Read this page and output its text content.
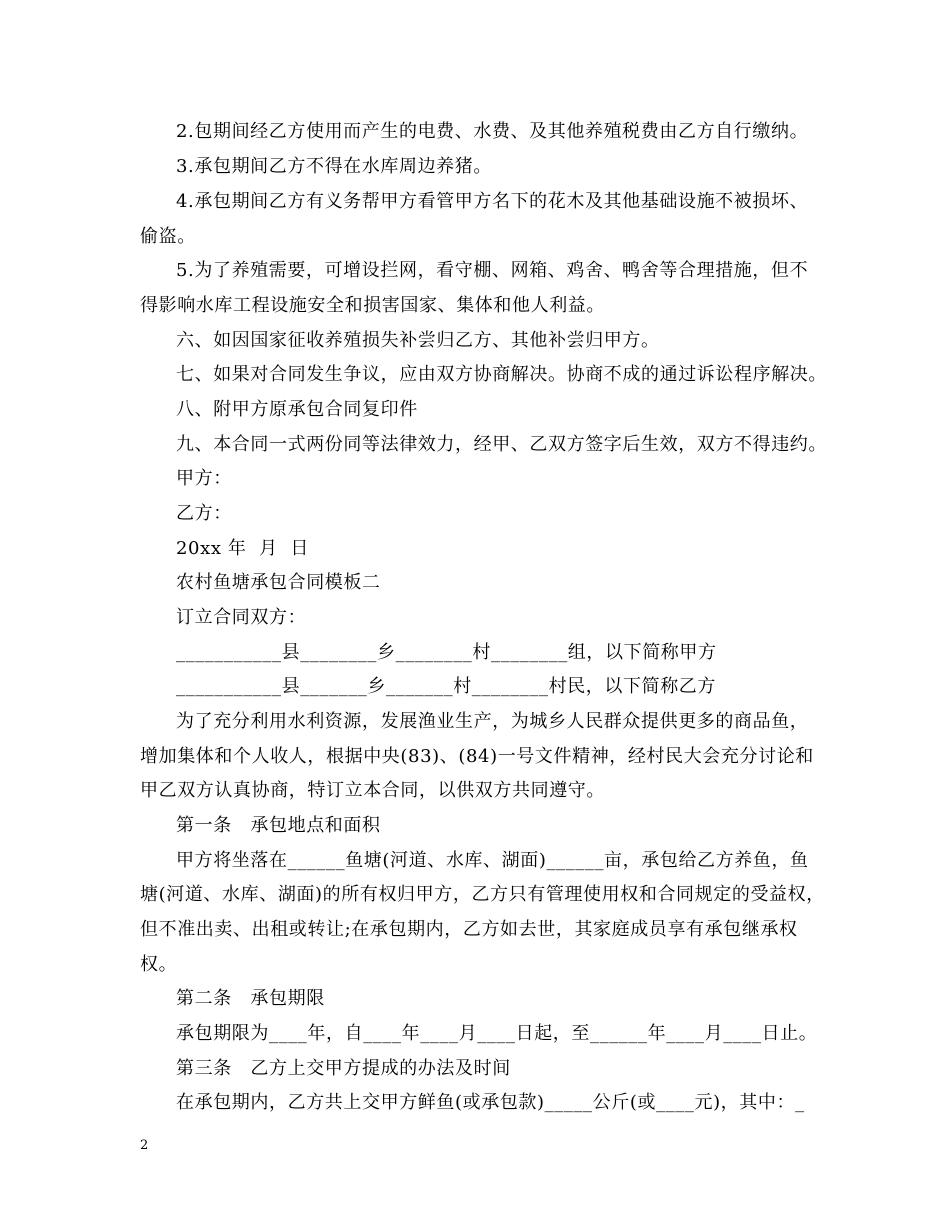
2.包期间经乙方使用而产生的电费、水费、及其他养殖税费由乙方自行缴纳。
3.承包期间乙方不得在水库周边养猪。
4.承包期间乙方有义务帮甲方看管甲方名下的花木及其他基础设施不被损坏、
偷盗。
5.为了养殖需要，可增设拦网，看守棚、网箱、鸡舍、鸭舍等合理措施，但不
得影响水库工程设施安全和损害国家、集体和他人利益。
六、如因国家征收养殖损失补尝归乙方、其他补尝归甲方。
七、如果对合同发生争议，应由双方协商解决。协商不成的通过诉讼程序解决。
八、附甲方原承包合同复印件
九、本合同一式两份同等法律效力，经甲、乙双方签字后生效，双方不得违约。
甲方：
乙方：
20xx 年  月  日
农村鱼塘承包合同模板二
订立合同双方：
___________县________乡________村________组，以下简称甲方
___________县_______乡_______村________村民，以下简称乙方
为了充分利用水利资源，发展渔业生产，为城乡人民群众提供更多的商品鱼，
增加集体和个人收人，根据中央(83)、(84)一号文件精神，经村民大会充分讨论和
甲乙双方认真协商，特订立本合同，以供双方共同遵守。
第一条　承包地点和面积
甲方将坐落在______鱼塘(河道、水库、湖面)______亩，承包给乙方养鱼，鱼
塘(河道、水库、湖面)的所有权归甲方，乙方只有管理使用权和合同规定的受益权，
但不准出卖、出租或转让;在承包期内，乙方如去世，其家庭成员享有承包继承权
权。
第二条　承包期限
承包期限为____年，自____年____月____日起，至______年____月____日止。
第三条　乙方上交甲方提成的办法及时间
在承包期内，乙方共上交甲方鲜鱼(或承包款)_____公斤(或____元)，其中：_
2
